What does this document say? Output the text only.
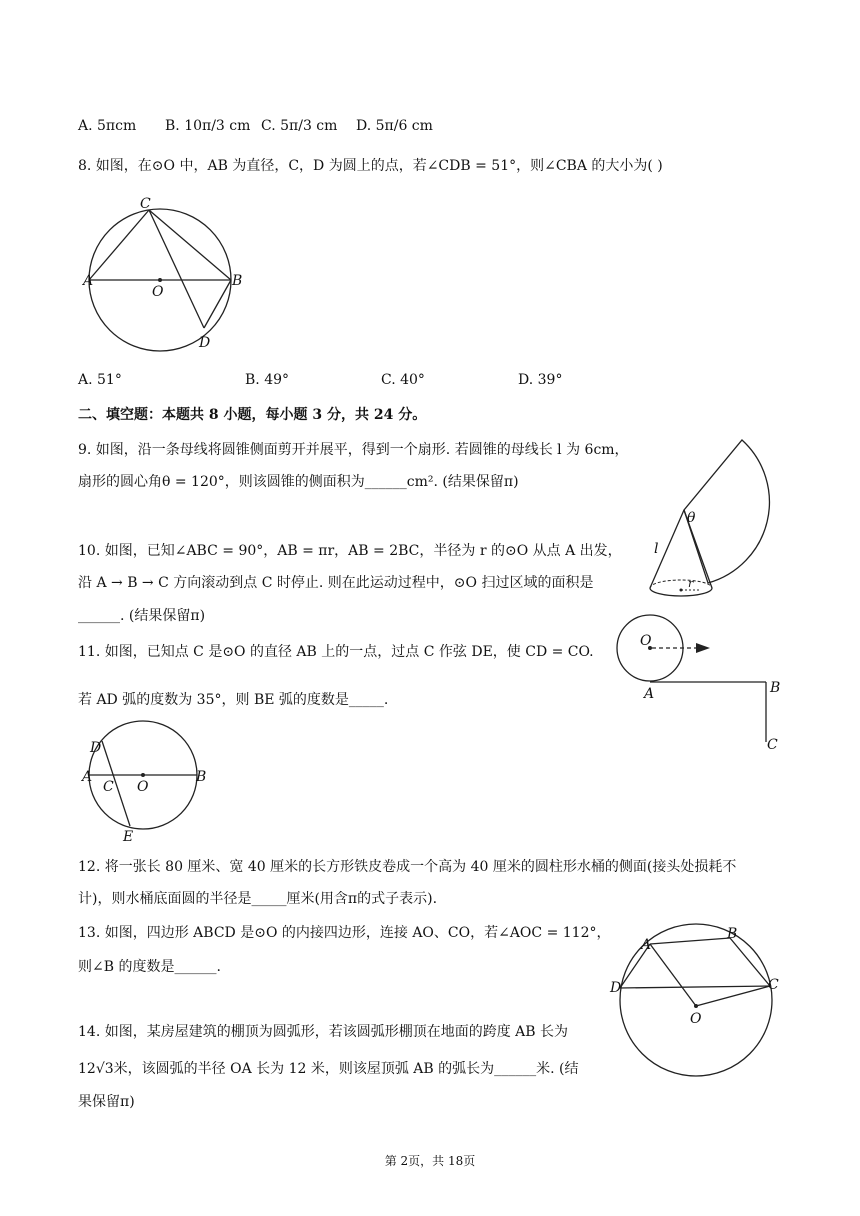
A. 5πcm B. 10π/3 cm C. 5π/3 cm D. 5π/6 cm
8. 如图，在⊙O 中，AB 为直径，C，D 为圆上的点，若∠CDB = 51°，则∠CBA 的大小为( )
C
A	B
O
D
A. 51°	B. 49°	C. 40°	D. 39°
二、填空题：本题共 8 小题，每小题 3 分，共 24 分。
9. 如图，沿一条母线将圆锥侧面剪开并展平，得到一个扇形. 若圆锥的母线长 l 为 6cm，
扇形的圆心角θ = 120°，则该圆锥的侧面积为______cm². (结果保留π)
θ
l
r
10. 如图，已知∠ABC = 90°，AB = πr，AB = 2BC，半径为 r 的⊙O 从点 A 出发，
沿 A → B → C 方向滚动到点 C 时停止. 则在此运动过程中，⊙O 扫过区域的面积是
______. (结果保留π)
O
A	B
C
11. 如图，已知点 C 是⊙O 的直径 AB 上的一点，过点 C 作弦 DE，使 CD = CO.
若 AD 弧的度数为 35°，则 BE 弧的度数是_____.
D
A
C O
B
E
12. 将一张长 80 厘米、宽 40 厘米的长方形铁皮卷成一个高为 40 厘米的圆柱形水桶的侧面(接头处损耗不
计)，则水桶底面圆的半径是_____厘米(用含π的式子表示).
13. 如图，四边形 ABCD 是⊙O 的内接四边形，连接 AO、CO，若∠AOC = 112°，
则∠B 的度数是______.
A
B
C
D
O
14. 如图，某房屋建筑的棚顶为圆弧形，若该圆弧形棚顶在地面的跨度 AB 长为
12√3米，该圆弧的半径 OA 长为 12 米，则该屋顶弧 AB 的弧长为______米. (结
果保留π)
第 2页，共 18页
